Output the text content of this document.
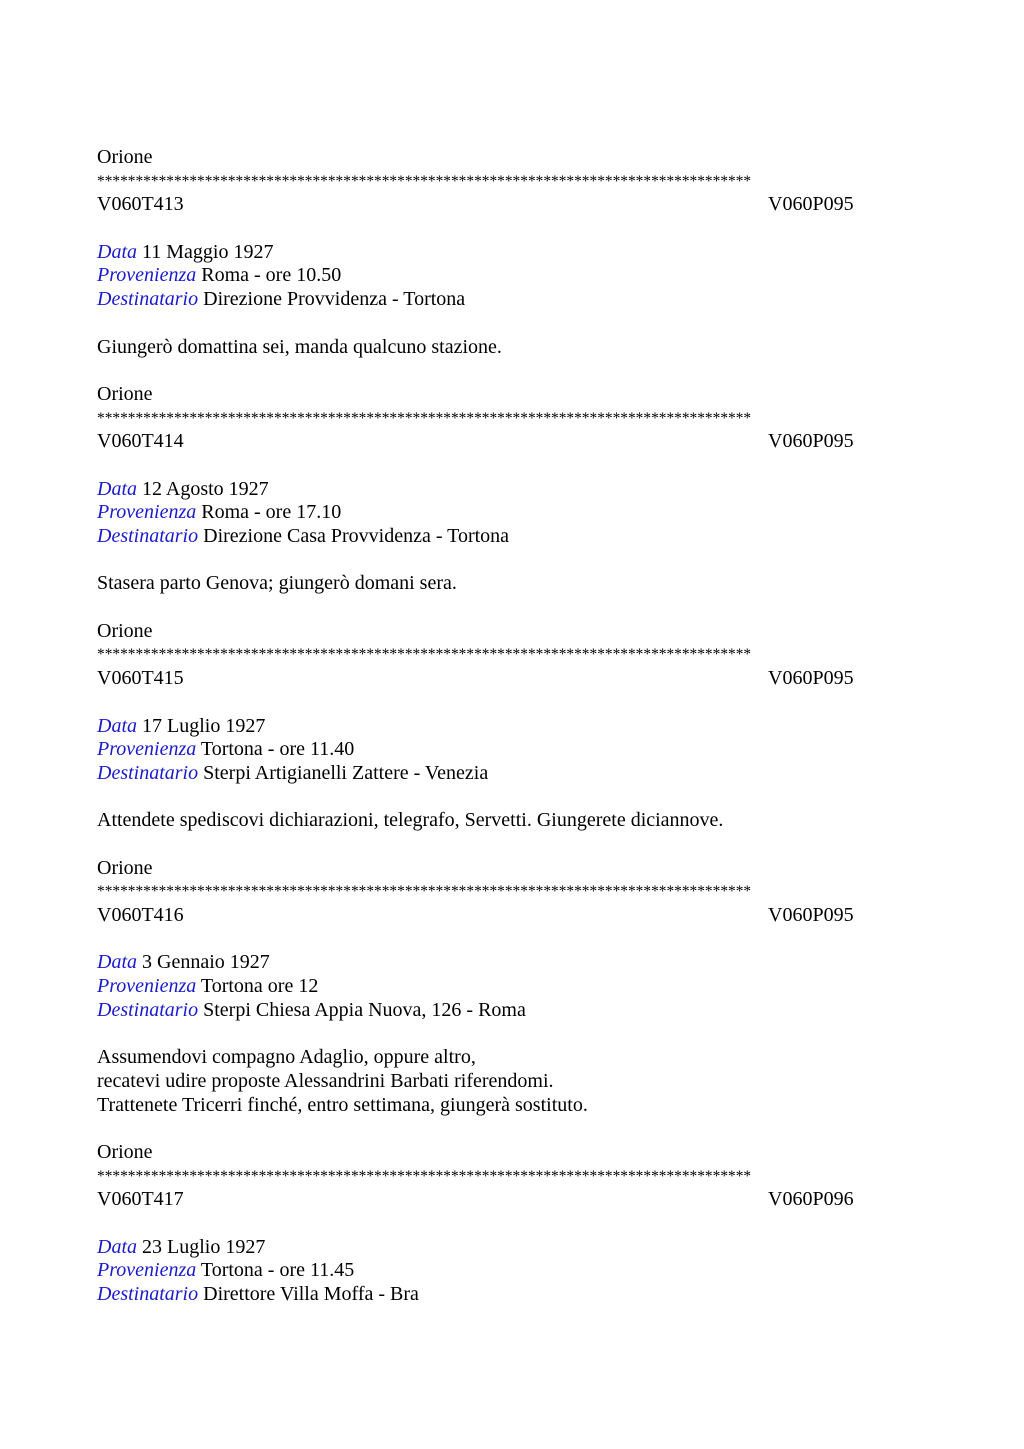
Orione
*************************************************************************************
V060T413	V060P095
Data 11 Maggio 1927
Provenienza Roma - ore 10.50
Destinatario Direzione Provvidenza - Tortona
Giungerò domattina sei, manda qualcuno stazione.
Orione
*************************************************************************************
V060T414	V060P095
Data 12 Agosto 1927
Provenienza Roma - ore 17.10
Destinatario Direzione Casa Provvidenza - Tortona
Stasera parto Genova; giungerò domani sera.
Orione
*************************************************************************************
V060T415	V060P095
Data 17 Luglio 1927
Provenienza Tortona - ore 11.40
Destinatario Sterpi Artigianelli Zattere - Venezia
Attendete spediscovi dichiarazioni, telegrafo, Servetti. Giungerete diciannove.
Orione
*************************************************************************************
V060T416	V060P095
Data 3 Gennaio 1927
Provenienza Tortona ore 12
Destinatario Sterpi Chiesa Appia Nuova, 126 - Roma
Assumendovi compagno Adaglio, oppure altro,
recatevi udire proposte Alessandrini Barbati riferendomi.
Trattenete Tricerri finché, entro settimana, giungerà sostituto.
Orione
*************************************************************************************
V060T417	V060P096
Data 23 Luglio 1927
Provenienza Tortona - ore 11.45
Destinatario Direttore Villa Moffa - Bra
